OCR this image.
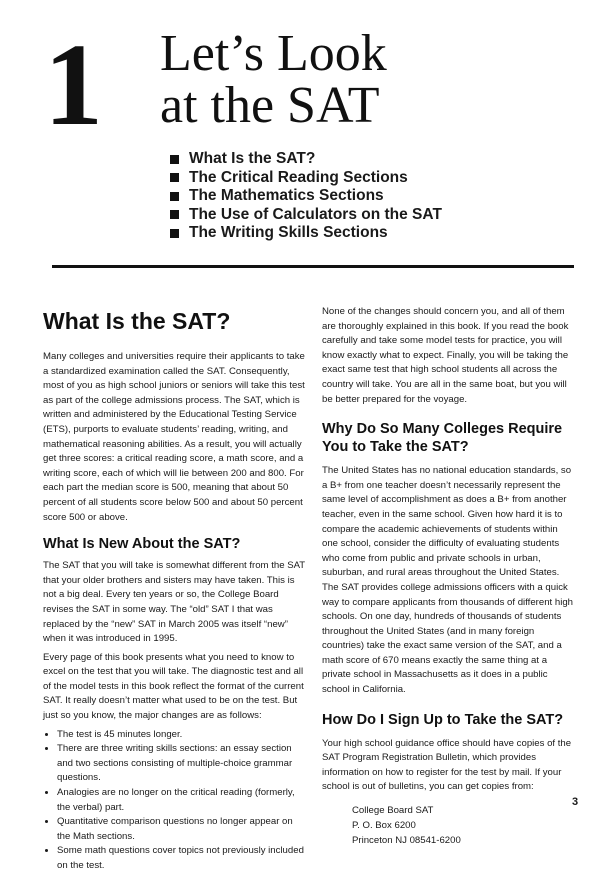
1 Let’s Look
at the SAT
What Is the SAT?
The Critical Reading Sections
The Mathematics Sections
The Use of Calculators on the SAT
The Writing Skills Sections
What Is the SAT?

Many colleges and universities require their applicants to take a standardized examination called the SAT. Consequently, most of you as high school juniors or seniors will take this test as part of the college admissions process. The SAT, which is written and administered by the Educational Testing Service (ETS), purports to evaluate students’ reading, writing, and mathematical reasoning abilities. As a result, you will actually get three scores: a critical reading score, a math score, and a writing score, each of which will lie between 200 and 800. For each part the median score is 500, meaning that about 50 percent of all students score below 500 and about 50 percent score 500 or above.

What Is New About the SAT?

The SAT that you will take is somewhat different from the SAT that your older brothers and sisters may have taken. This is not a big deal. Every ten years or so, the College Board revises the SAT in some way. The “old” SAT I that was replaced by the “new” SAT in March 2005 was itself “new” when it was introduced in 1995.

Every page of this book presents what you need to know to excel on the test that you will take. The diagnostic test and all of the model tests in this book reflect the format of the current SAT. It really doesn’t matter what used to be on the test. But just so you know, the major changes are as follows:

• The test is 45 minutes longer.
• There are three writing skills sections: an essay section and two sections consisting of multiple-choice grammar questions.
• Analogies are no longer on the critical reading (formerly, the verbal) part.
• Quantitative comparison questions no longer appear on the Math sections.
• Some math questions cover topics not previously included on the test.

None of the changes should concern you, and all of them are thoroughly explained in this book. If you read the book carefully and take some model tests for practice, you will know exactly what to expect. Finally, you will be taking the exact same test that high school students all across the country will take. You are all in the same boat, but you will be better prepared for the voyage.

Why Do So Many Colleges Require You to Take the SAT?

The United States has no national education standards, so a B+ from one teacher doesn’t necessarily represent the same level of accomplishment as does a B+ from another teacher, even in the same school. Given how hard it is to compare the academic achievements of students within one school, consider the difficulty of evaluating students who come from public and private schools in urban, suburban, and rural areas throughout the United States. The SAT provides college admissions officers with a quick way to compare applicants from thousands of different high schools. On one day, hundreds of thousands of students throughout the United States (and in many foreign countries) take the exact same version of the SAT, and a math score of 670 means exactly the same thing at a private school in Massachusetts as it does in a public school in California.

How Do I Sign Up to Take the SAT?

Your high school guidance office should have copies of the SAT Program Registration Bulletin, which provides information on how to register for the test by mail. If your school is out of bulletins, you can get copies from:

College Board SAT
P. O. Box 6200
Princeton NJ 08541-6200
3
